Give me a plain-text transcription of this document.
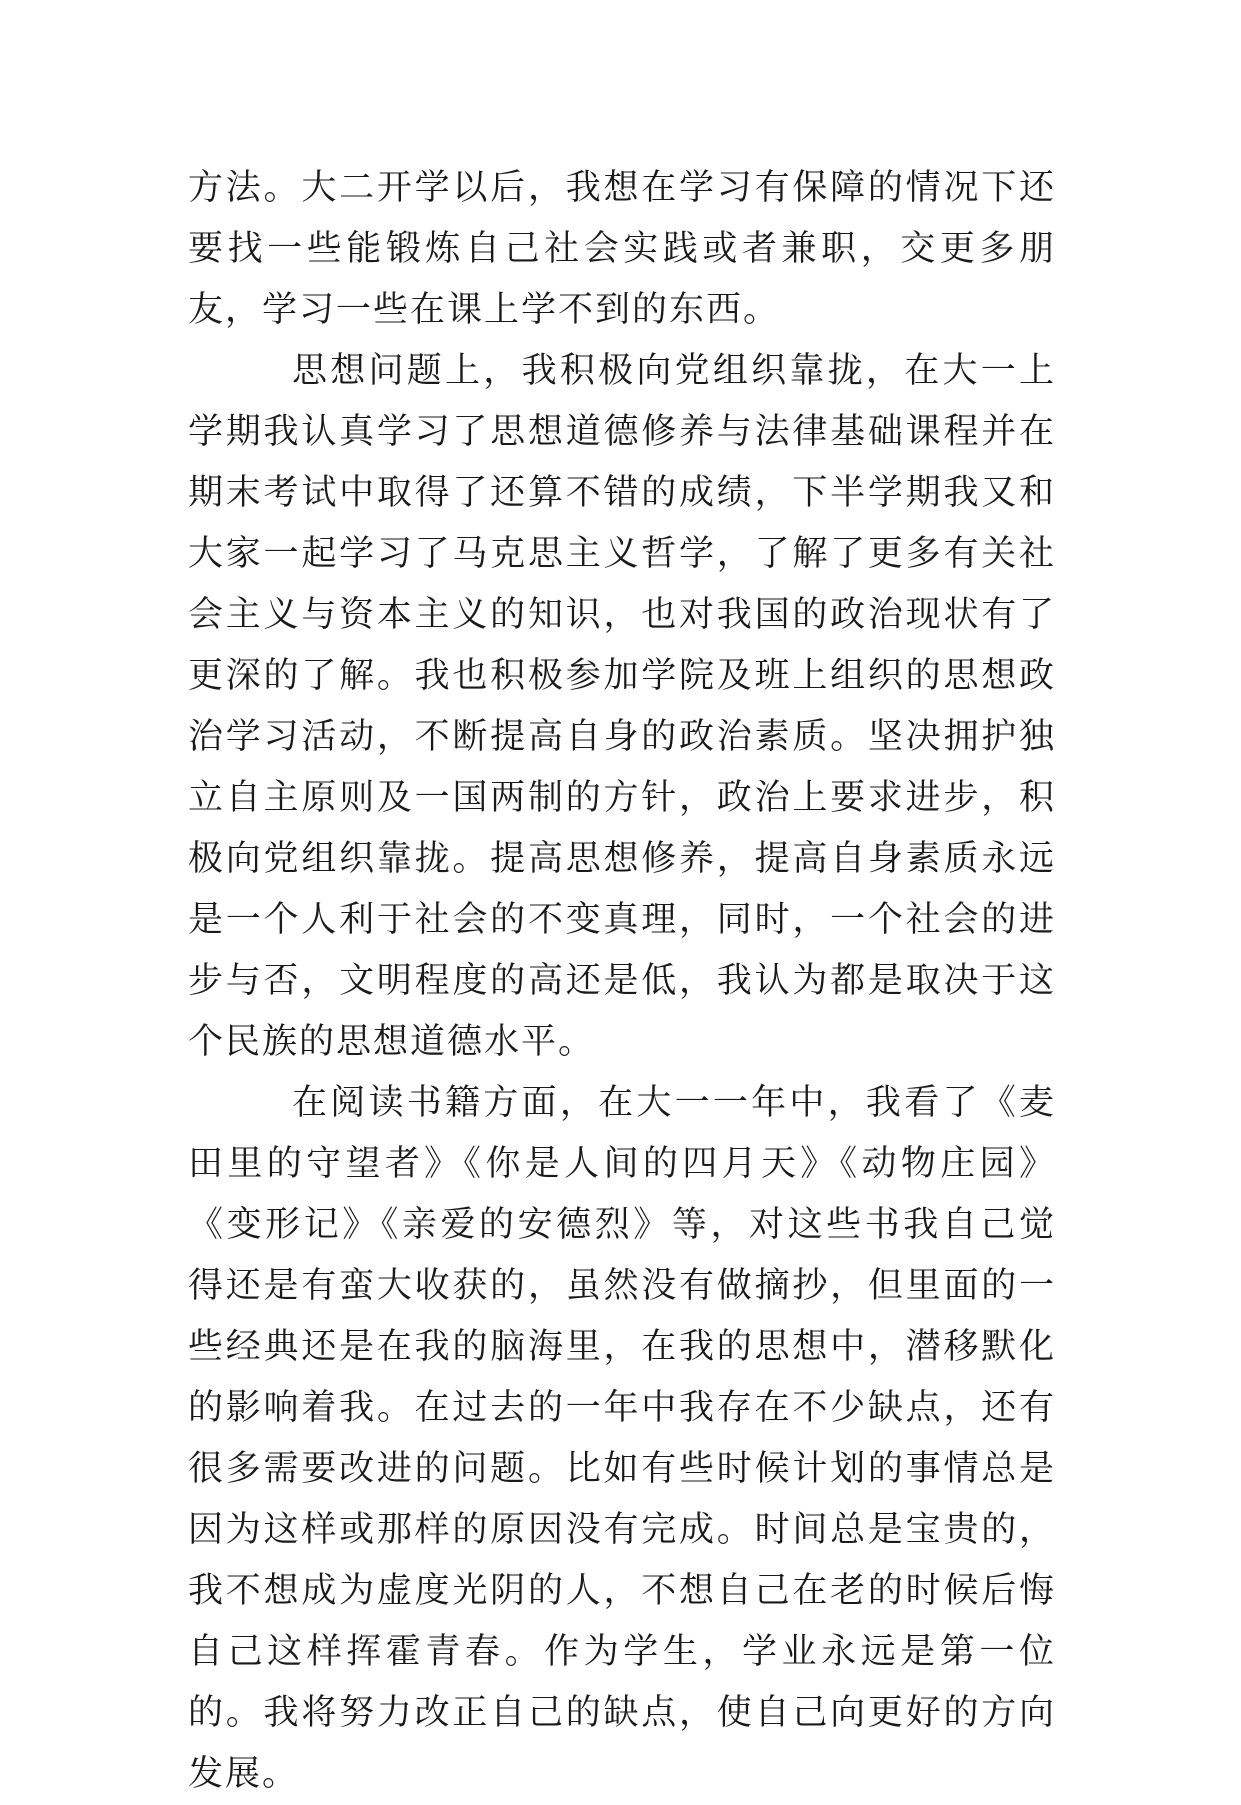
方法。大二开学以后，我想在学习有保障的情况下还要找一些能锻炼自己社会实践或者兼职，交更多朋友，学习一些在课上学不到的东西。

思想问题上，我积极向党组织靠拢，在大一上学期我认真学习了思想道德修养与法律基础课程并在期末考试中取得了还算不错的成绩，下半学期我又和大家一起学习了马克思主义哲学，了解了更多有关社会主义与资本主义的知识，也对我国的政治现状有了更深的了解。我也积极参加学院及班上组织的思想政治学习活动，不断提高自身的政治素质。坚决拥护独立自主原则及一国两制的方针，政治上要求进步，积极向党组织靠拢。提高思想修养，提高自身素质永远是一个人利于社会的不变真理，同时，一个社会的进步与否，文明程度的高还是低，我认为都是取决于这个民族的思想道德水平。

在阅读书籍方面，在大一一年中，我看了《麦田里的守望者》《你是人间的四月天》《动物庄园》《变形记》《亲爱的安德烈》等，对这些书我自己觉得还是有蛮大收获的，虽然没有做摘抄，但里面的一些经典还是在我的脑海里，在我的思想中，潜移默化的影响着我。在过去的一年中我存在不少缺点，还有很多需要改进的问题。比如有些时候计划的事情总是因为这样或那样的原因没有完成。时间总是宝贵的，我不想成为虚度光阴的人，不想自己在老的时候后悔自己这样挥霍青春。作为学生，学业永远是第一位的。我将努力改正自己的缺点，使自己向更好的方向发展。
